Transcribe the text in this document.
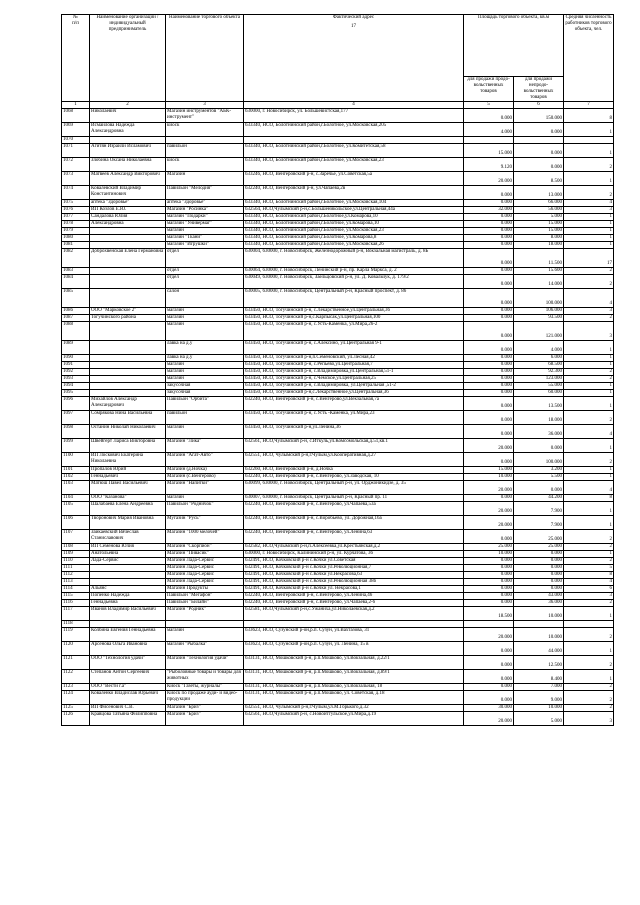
№
п/п	Наименование организации / индивидуальный предприниматель	Наименование торгового объекта	Фактический адрес
17	Площадь торгового объекта, кв.м		Средняя численность работников торгового объекта, чел.
				для продажи продо-вольственных товаров	для продажи непродо-вольственных товаров	
1	2	3	4	5	6	7
1068	Николаевич	Магазин инструментов "АБК-инструмент"	630000, г. Новосибирск, ул. Большевистская,177	0.000	150.000	8
1069	Исмаилова Надежда Александровна	киоск	633340, НСО, Болотнинский район,г.Болотное, ул.Московская,205	4.000	0.000	1
1070						
1071	Агитян Израили Исламович	павильон	633340, НСО, Болотнинский район,г.Болотное, ул.Комитетская,58	15.000	0.000	1
1072	Злобина Оксана Николаевна	киоск	633340, НСО, Болотнинский район,г.Болотное, ул.Московская,23	9.120	0.000	2
1073	Матвеев Александр Викторович	Магазин	633246, НСО, Венгеровский р-н, с.Заречье, ул.Советская,5а	20.000	8.500	1
1074	Ковалевский Владимир Константинович	Павильон "Мелодия"	632240, НСО, Венгеровский р-н, ул.Чапаева,2в	0.000	13.000	2
1075	аптека "Здоровье"	аптека "Здоровье"	633340, НСО, Болотнинский район,г.Болотное, ул.Московская,104	0.000	66.000	4
1076	ИП Козлов Е.Ю.	Магазин "Росинка"	632564, НСО,Чулымский р-н,с.Большеникольское,ул.Центральная,44а	32.000	56.000	3
1077	Сандалова Юлия	магазин "Подарки"	633340, НСО, Болотнинский район,г.Болотное,ул.Комарова,10	0.000	5.000	1
1078	Александровна	магазин "Универмаг"	633340, НСО, Болотнинский район,г.Болотное, ул.Комарова,10	0.000	15.000	1
1079		магазин	633340, НСО, Болотнинский район,г.Болотное, ул.Московская,23	0.000	15.000	1
1080		магазин "Ткани"	633340, НСО, Болотнинский район,г.Болотное, ул.Комарова,8	0.000	8.000	1
1081		магазин "Игрушки"	633340, НСО, Болотнинский район,г.Болотное, ул.Московская,26	0.000	18.000	1
1082	Доброхвенская Елена Германовна	отдел	630004, 630000, г. Новосибирск, Железнодорожный р-н, Вокзальная магистраль, д. 8Б	0.000	11.500	17
1083		отдел	630064, 630000, г. Новосибирск, Ленинский р-н, пр. Карла Маркса, д. 2	0.000	15.600	2
1084		отдел	630049, 630000, г. Новосибирск, Заельцовский р-н, ул. Д. Ковальчук, д. 179/2	0.000	14.000	2
1085		салон	630005, 630000, г. Новосибирск, Центральный р-н, Красный проспект, д. 86	0.000	100.000	4
1086	ООО "Марковское 2"	магазин	633450, НСО, Тогучинский р-н, с.Лекарственное,ул.Центральная,36	0.000	106.000	3
1087	Тогучинского района	магазин	633450, НСО, Тогучинский р-н,с.Карпысак,ул.Центральная,100	0.000	93.500	2
1088		магазин	633450, НСО, Тогучинский р-н, с.Усть-Каменка, ул.Мира,26-2	0.000	121.000	3
1089		лавка на д.у	633450, НСО, Тогучинский р-н, с.Алексино, ул.Центральная 9-1	0.000	4.000	1
1090		лавка на д.у	633450, НСО, Тогучинский р-н,п.Семеновский, ул.Лесная,42	0.000	6.000	1
1091		магазин	633450, НСО, Тогучинский р-н, с.Репьево,ул.Центральная,7	0.000	68.500	1
1092		магазин	633450, НСО, Тогучинский р-н, с.Владимировка,ул.Центральная,51-1	0.000	92.300	2
1093		магазин	633450, НСО, Тогучинский р-н, с.Чемское,ул.Центральная,25	0.000	123.000	2
1094		закусочная	633450, НСО, Тогучинский р-н, с.Владимировка, ул.Центральная ,51-2	0.000	55.000	1
1095		закусочная	633450, НСО, Тогучинский р-н,с.Лекарственное,ул.Центральная,36	0.000	60.000	1
1096	Михайлов Александр Александрович	Павильон "Орбита"	632240, НСО, Венгеровский р-н, с.Венгерово,ул.Векзальная,7а	0.000	13.500	1
1097	Сомрякова Нина Васильевна	павильон	633450, НСО, Тогучинский р-н, с.Усть -Каменка, ул.Мира,23	0.000	18.000	2
1098	Останин Николай Николаевич	магазин	633450, НСО, Тогучинский р-н,ул.Ленина,36	0.000	36.000	4
1099	Швейгерт Лариса Викторовна	Магазин "Лика"	632561, НСО,Чулымский р-н, с.Иткуль,ул.Комсомольская,д.51,кв.1	20.000	0.000	1
1100	ИП Лоскович Екатерина Николаевна	Магазин "Агат-Авто"	632551, НСО, Чулымский р-н,г.Чулым,ул.Кооперативная,д.27	0.000	100.000	2
1101	Пропалов Юрий	Магазин (д.Ночка)	632260, НСО, Венгеровский р-н, д.Ночка	15.000	3.200	1
1102	Геннадьевич	Магазин (с.Венгерово)	632240, НСО, Венгеровский р-н, с.Венгерово, ул.Заводская, 10	10.000	5.500	1
1103	Матюш Павел Васильевич	Магазин "Напитки"	630099, 630000, г. Новосибирск, Центральный р-н, ул. Орджоникидзе, д. 35	20.000	0.000	4
1104	ООО "Казанова"	магазин	630007, 630000, г. Новосибирск, Центральный р-н, Красный пр. 11	0.000	44.200	8
1105	Шалабаева Елена Андреевна	Павильон "Родничок"	632240, НСО, Венгеровский р-н, с.Венгерово, ул.Чапаева,53а	20.000	7.900	1
1106	Творонович Мария Ивановна	Мугазин "Русь"	632240, НСО, Венгеровский р-н, с.Воробьево, ул. Дорожная,16а	20.000	7.900	1
1107	Заикаевский Вячеслав Станиславович	Магазин "1000 мелочей"	632240, НСО, Венгеровский р-н, с.Венгерово, ул.Ленина,63	0.000	25.000	2
1108	ИП Семенова Юлия	Магазин "Скорпион"	632582, НСО,Чулымский р-н,п.Алексеевка,ул.Крестьянская,д.2	25.000	25.000	2
1109	Анатольевна	Магазин "Пивасик"	630000, г. Новосибирск, Калининский р-н, ул. Курчатова, 36	10.000	0.000	1
1110	Лада-Сервис	Магазин Лада-Сервис	632491, НСО, Кочковский р-н с.Кочки ул.Советская	0.000	0.000	2
1111		Магазин Лада-Сервис	632491, НСО, Кочковский р-н с.Кочки ул.Революционная,7	0.000	0.000	5
1112		Магазин Лада-Сервис	632491, НСО, Кочковский р-н с.Кочки ул.Некрасова,63	0.000	0.000	8
1113		Магазин Лада-Сервис	632491, НСО, Кочковский р-н с.Кочки ул.Революционная 38б	0.000	0.000	4
1114	Альянс	Магазин Продукты	632491, НСО, Кочковский р-н с.Кочки ул. Некрасова,1	0.000	0.000	6
1115	Попенко Надежда	Павильон "Мегафон"	632240, НСО, Венгеровский р-н, с.Венгерово, ул.Ленина,46	0.000	43.000	3
1116	Геннадьевна	Павильон "Билайн"	632240, НСО, Венгеровский р-н, с.Венгерово, ул.Чапаева,2-6	0.000	36.000	2
1117	Иванов Владимир Васильевич	Магазин "Родник"	632581, НСО,Чулымский р-н,с.Ужаниха,ул.Николаевская,д.2	18.500	10.000	1
1118						
1119	Колбина Евгения Геннадьевна	магазин	633623, НСО, Сузунский р-он,р.п. Сузун, ул.Вахтазова, 31	20.000	10.000	2
1120	Арсенова Ольга Ивановна	магазин "Рыбалка"	633623, НСО, Сузунский р-он,р.п. Сузун, ул. Ленина, 15 в	0.000	44.000	1
1121	ООО "Технология удачи"	Магазин "Технология удачи"	633131, НСО, Мошковский р-н, р.п.Мошково, ул.Вокзальная, д.22/1	0.000	12.500	2
1122	Степанов Антон Сергеевич	"Рыболовные товары и товары для животных	633131, НСО, Мошковский р-н, р.п.Мошково, ул.Вокзальная, д.89/1	0.000	8.400	1
1123	ООО "Вести г.а"	Киоск "Газеты, журналы"	633131, НСО, Мошковский р-н, р.п.Мошково, ул.Вокзальная, 18	0.000	7.000	2
1124	Коваленко Владислав Юрьевич	Киоск по продаже ауди- и видео-продукции	633131, НСО, Мошковский р-н, р.п.Мошково, ул. Советская, д.18	0.000	9.000	2
1125	ИП Фисенович С.В.	Магазин "Бриз"	632551, НСО, Чулымский р-н,г.Чулым,ул.М.Горького,д.32	30.000	10.000	2
1126	Кравцова Татьяна Филипповна	Магазин "Бриз"	632561, НСО,Чулымский р-н, с.Новоитгульское,ул.Мира,д.19	20.000	5.000	3
